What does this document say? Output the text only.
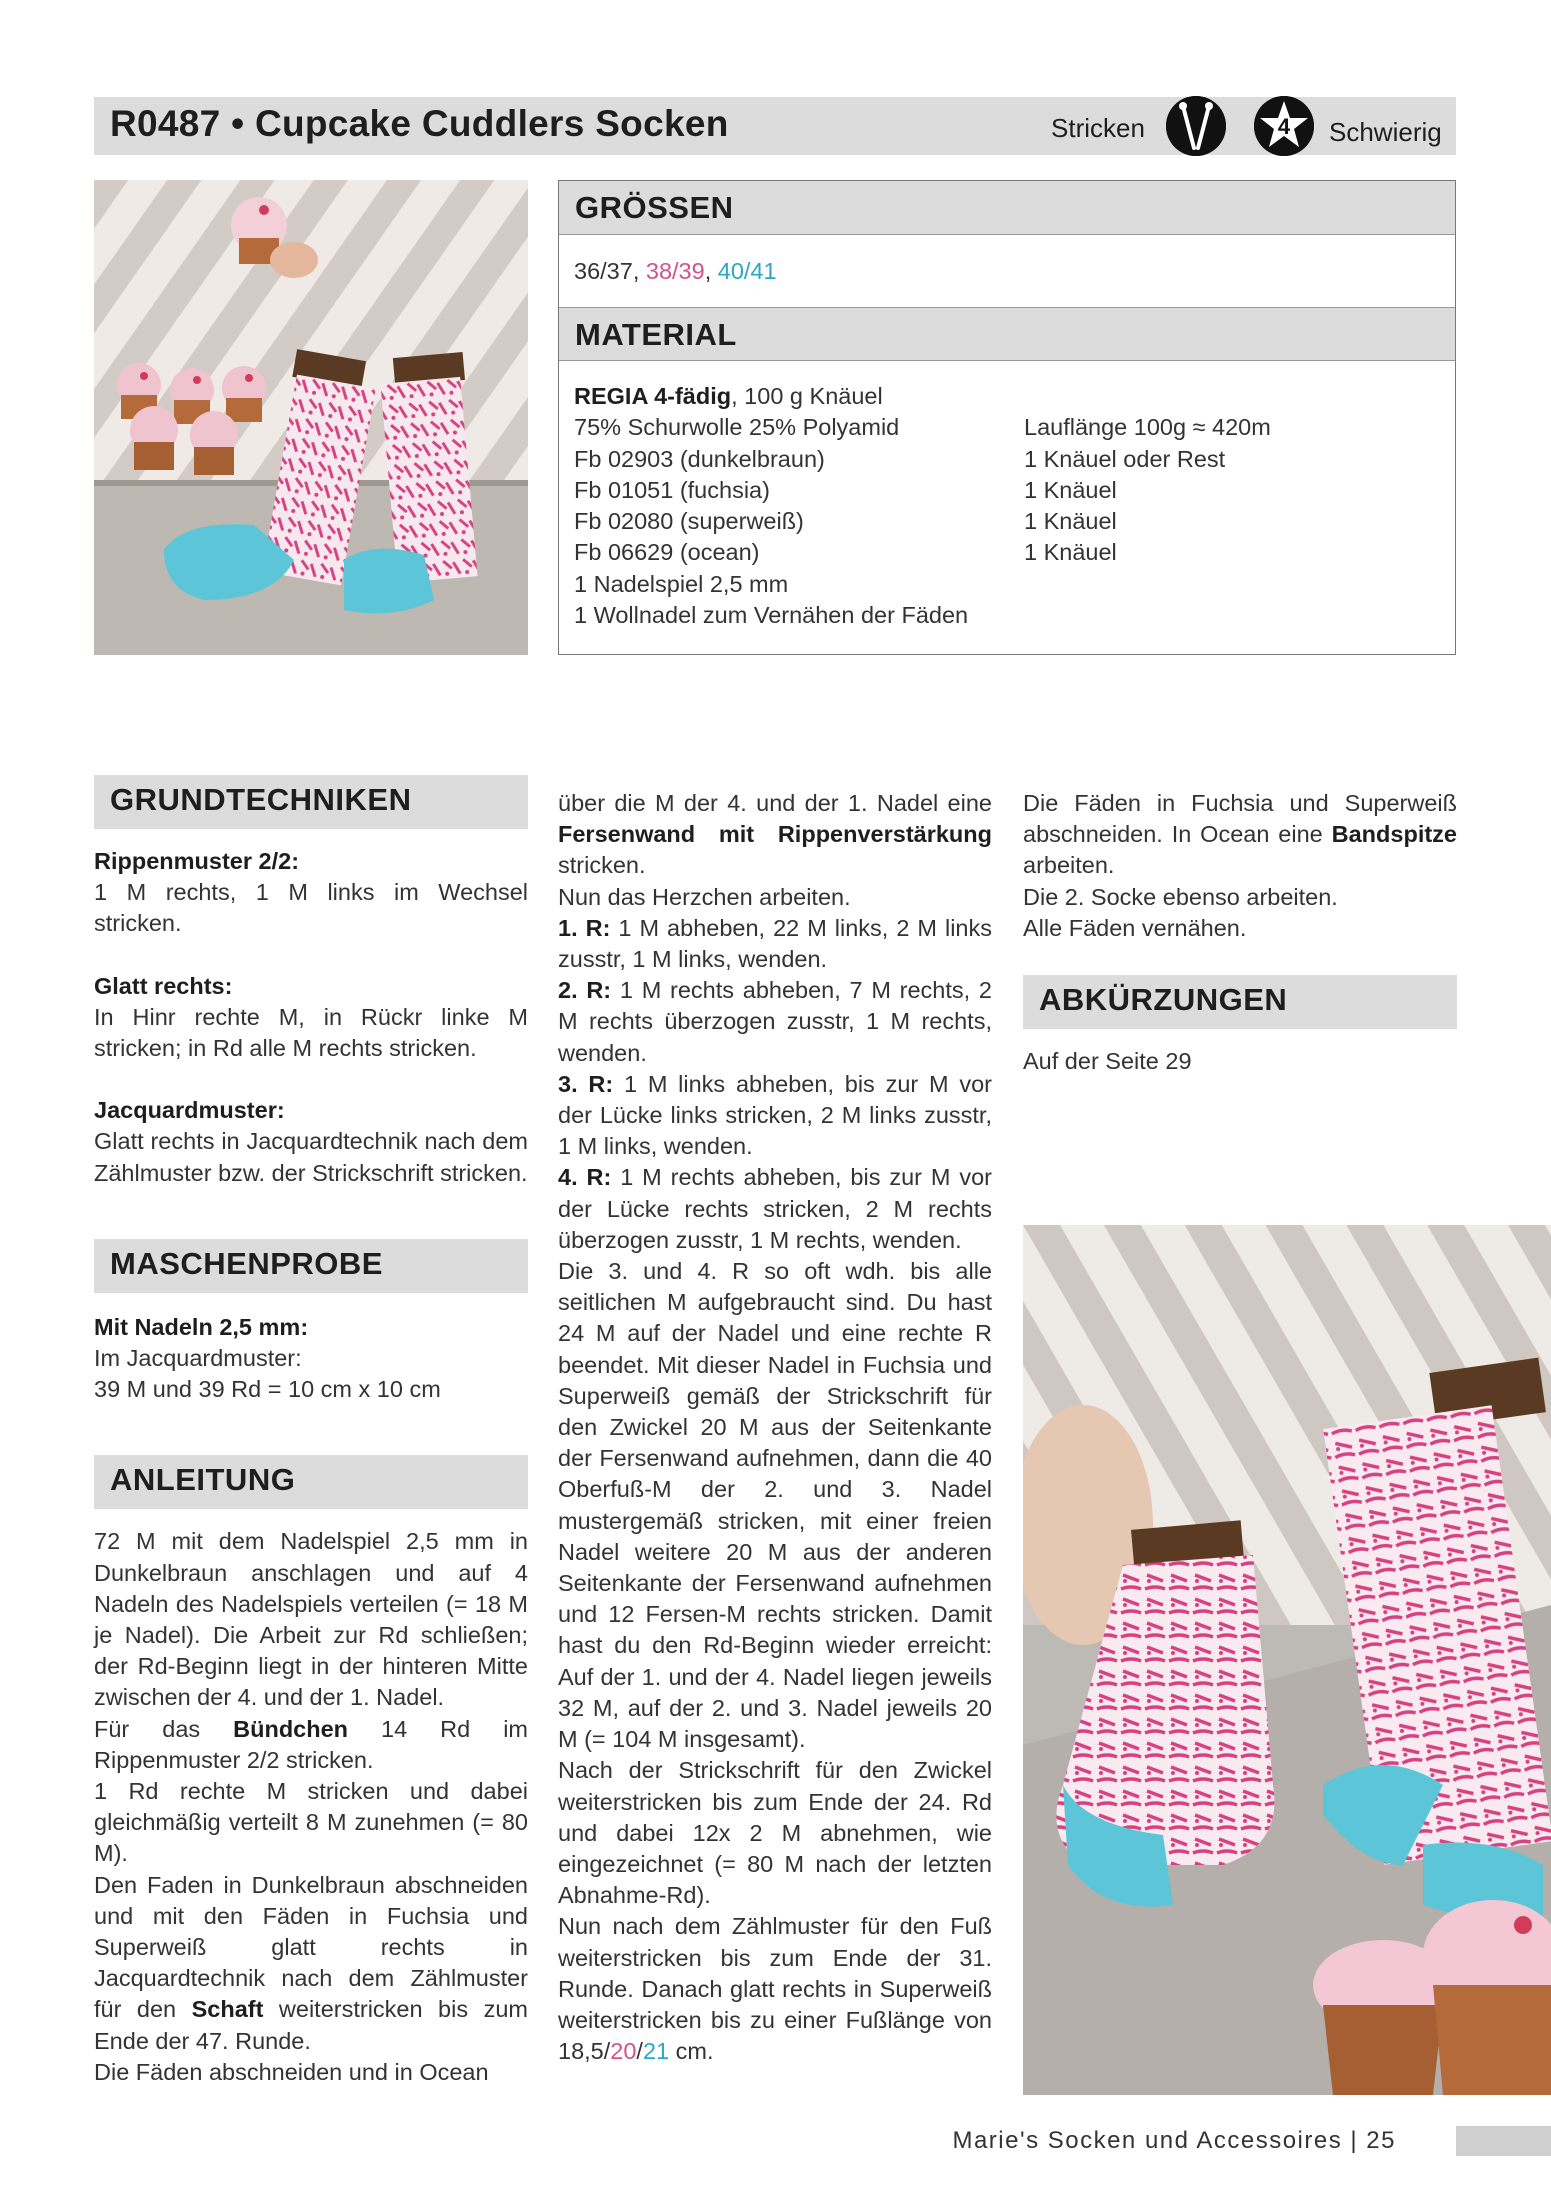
R0487 • Cupcake Cuddlers Socken	Stricken	4 Schwierig
GRÖSSEN
36/37, 38/39, 40/41
MATERIAL
REGIA 4-fädig, 100 g Knäuel
75% Schurwolle 25% Polyamid	Lauflänge 100g ≈ 420m
Fb 02903 (dunkelbraun)	1 Knäuel oder Rest
Fb 01051 (fuchsia)	1 Knäuel
Fb 02080 (superweiß)	1 Knäuel
Fb 06629 (ocean)	1 Knäuel
1 Nadelspiel 2,5 mm
1 Wollnadel zum Vernähen der Fäden
GRUNDTECHNIKEN

Rippenmuster 2/2:

1 M rechts, 1 M links im Wechsel stricken.

Glatt rechts:

In Hinr rechte M, in Rückr linke M stricken; in Rd alle M rechts stricken.

Jacquardmuster:

Glatt rechts in Jacquardtechnik nach dem Zählmuster bzw. der Strickschrift stricken.

MASCHENPROBE

Mit Nadeln 2,5 mm:

Im Jacquardmuster:

39 M und 39 Rd = 10 cm x 10 cm

ANLEITUNG

72 M mit dem Nadelspiel 2,5 mm in Dunkelbraun anschlagen und auf 4 Nadeln des Nadelspiels verteilen (= 18 M je Nadel). Die Arbeit zur Rd schließen; der Rd-Beginn liegt in der hinteren Mitte zwischen der 4. und der 1. Nadel.

Für das Bündchen 14 Rd im Rippenmuster 2/2 stricken.

1 Rd rechte M stricken und dabei gleichmäßig verteilt 8 M zunehmen (= 80 M).

Den Faden in Dunkelbraun abschneiden und mit den Fäden in Fuchsia und Superweiß glatt rechts in Jacquardtechnik nach dem Zählmuster für den Schaft weiterstricken bis zum Ende der 47. Runde.

Die Fäden abschneiden und in Ocean

über die M der 4. und der 1. Nadel eine Fersenwand mit Rippenverstärkung stricken.

Nun das Herzchen arbeiten.

1. R: 1 M abheben, 22 M links, 2 M links zusstr, 1 M links, wenden.

2. R: 1 M rechts abheben, 7 M rechts, 2 M rechts überzogen zusstr, 1 M rechts, wenden.

3. R: 1 M links abheben, bis zur M vor der Lücke links stricken, 2 M links zusstr, 1 M links, wenden.

4. R: 1 M rechts abheben, bis zur M vor der Lücke rechts stricken, 2 M rechts überzogen zusstr, 1 M rechts, wenden.

Die 3. und 4. R so oft wdh. bis alle seitlichen M aufgebraucht sind. Du hast 24 M auf der Nadel und eine rechte R beendet. Mit dieser Nadel in Fuchsia und Superweiß gemäß der Strickschrift für den Zwickel 20 M aus der Seitenkante der Fersenwand aufnehmen, dann die 40 Oberfuß-M der 2. und 3. Nadel mustergemäß stricken, mit einer freien Nadel weitere 20 M aus der anderen Seitenkante der Fersenwand aufnehmen und 12 Fersen-M rechts stricken. Damit hast du den Rd-Beginn wieder erreicht: Auf der 1. und der 4. Nadel liegen jeweils 32 M, auf der 2. und 3. Nadel jeweils 20 M (= 104 M insgesamt).

Nach der Strickschrift für den Zwickel weiterstricken bis zum Ende der 24. Rd und dabei 12x 2 M abnehmen, wie eingezeichnet (= 80 M nach der letzten Abnahme-Rd).

Nun nach dem Zählmuster für den Fuß weiterstricken bis zum Ende der 31. Runde. Danach glatt rechts in Superweiß weiterstricken bis zu einer Fußlänge von 18,5/20/21 cm.

Die Fäden in Fuchsia und Superweiß abschneiden. In Ocean eine Bandspitze arbeiten.

Die 2. Socke ebenso arbeiten.

Alle Fäden vernähen.

ABKÜRZUNGEN

Auf der Seite 29

Marie's Socken und Accessoires | 25
